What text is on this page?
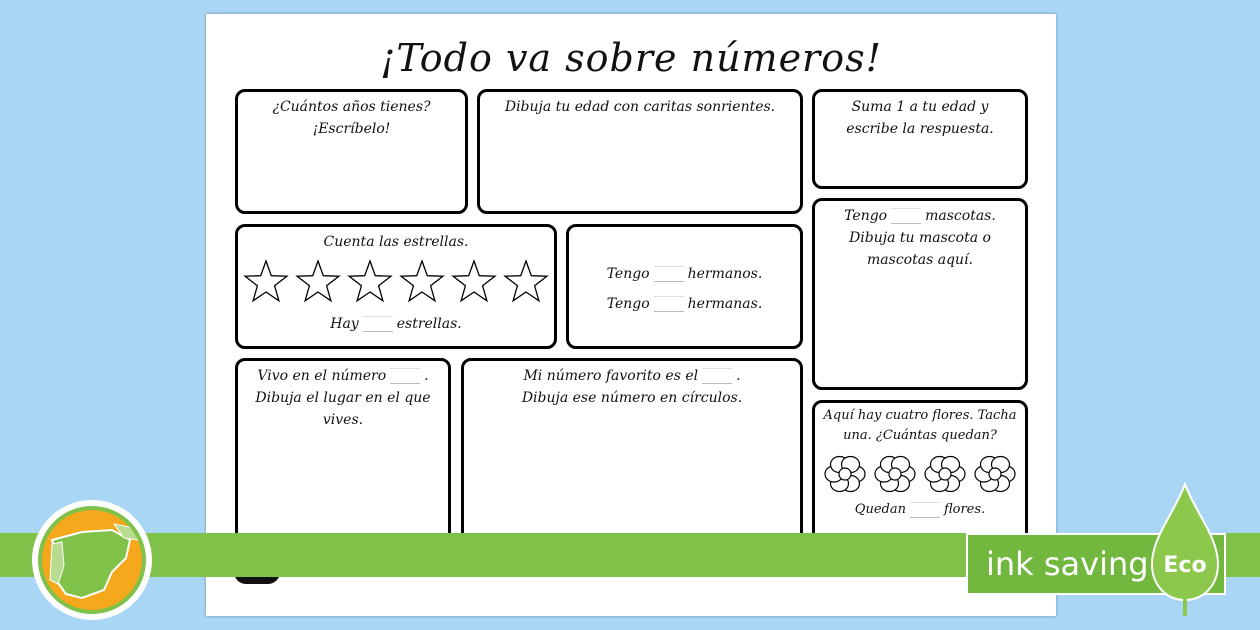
¡Todo va sobre números!
¿Cuántos años tienes?
¡Escríbelo!
Dibuja tu edad con caritas sonrientes.	Suma 1 a tu edad y
escribe la respuesta.
Cuenta las estrellas.
Hay	estrellas.
Tengo	hermanos.
Tengo	hermanas.
Tengo	mascotas.
Dibuja tu mascota o
mascotas aquí.
Vivo en el número	.
Dibuja el lugar en el que
vives.
Mi número favorito es el	.
Dibuja ese número en círculos.
Aquí hay cuatro flores. Tacha
una. ¿Cuántas quedan?
Quedan	flores.
ink saving Eco
